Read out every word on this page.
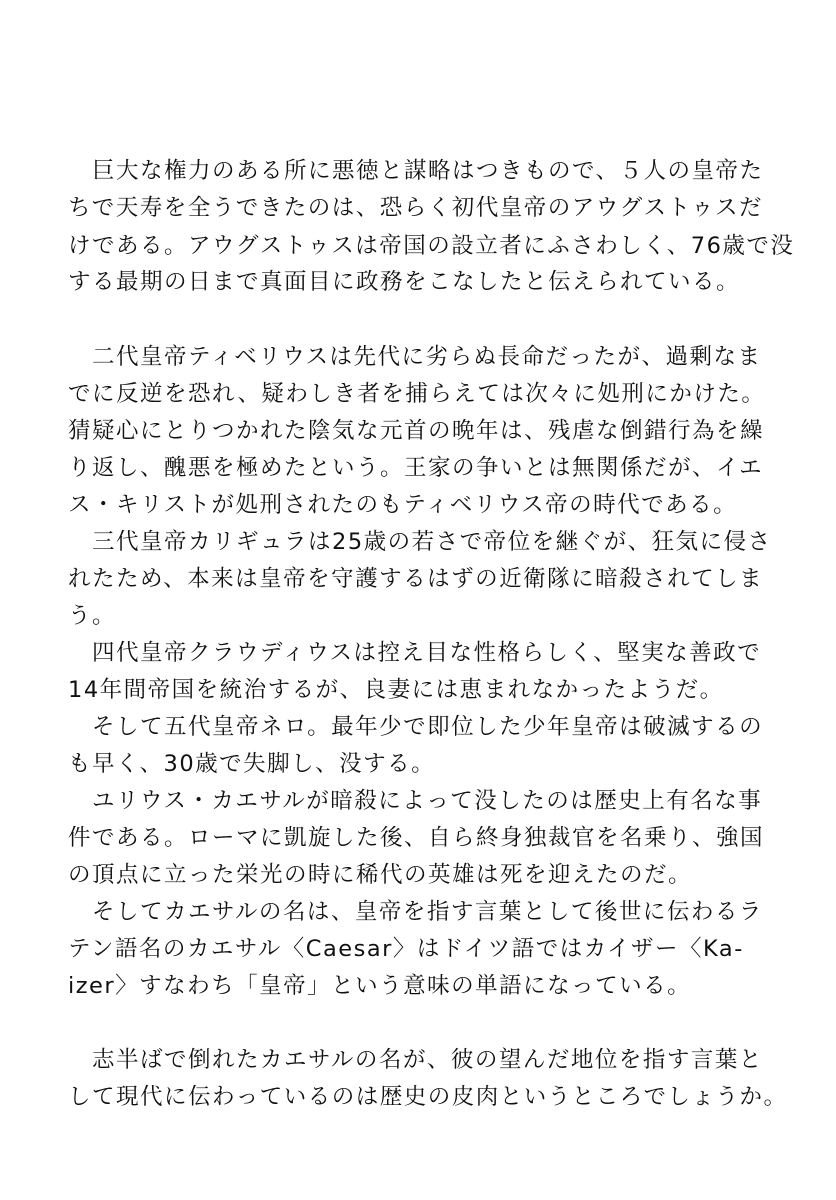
　巨大な権力のある所に悪徳と謀略はつきもので、５人の皇帝た
ちで天寿を全うできたのは、恐らく初代皇帝のアウグストゥスだ
けである。アウグストゥスは帝国の設立者にふさわしく、76歳で没
する最期の日まで真面目に政務をこなしたと伝えられている。
　二代皇帝ティベリウスは先代に劣らぬ長命だったが、過剰なま
でに反逆を恐れ、疑わしき者を捕らえては次々に処刑にかけた。
猜疑心にとりつかれた陰気な元首の晩年は、残虐な倒錯行為を繰
り返し、醜悪を極めたという。王家の争いとは無関係だが、イエ
ス・キリストが処刑されたのもティベリウス帝の時代である。
　三代皇帝カリギュラは25歳の若さで帝位を継ぐが、狂気に侵さ
れたため、本来は皇帝を守護するはずの近衛隊に暗殺されてしま
う。
　四代皇帝クラウディウスは控え目な性格らしく、堅実な善政で
14年間帝国を統治するが、良妻には恵まれなかったようだ。
　そして五代皇帝ネロ。最年少で即位した少年皇帝は破滅するの
も早く、30歳で失脚し、没する。
　ユリウス・カエサルが暗殺によって没したのは歴史上有名な事
件である。ローマに凱旋した後、自ら終身独裁官を名乗り、強国
の頂点に立った栄光の時に稀代の英雄は死を迎えたのだ。
　そしてカエサルの名は、皇帝を指す言葉として後世に伝わるラ
テン語名のカエサル〈Caesar〉はドイツ語ではカイザー〈Ka-
izer〉すなわち「皇帝」という意味の単語になっている。
　志半ばで倒れたカエサルの名が、彼の望んだ地位を指す言葉と
して現代に伝わっているのは歴史の皮肉というところでしょうか。
